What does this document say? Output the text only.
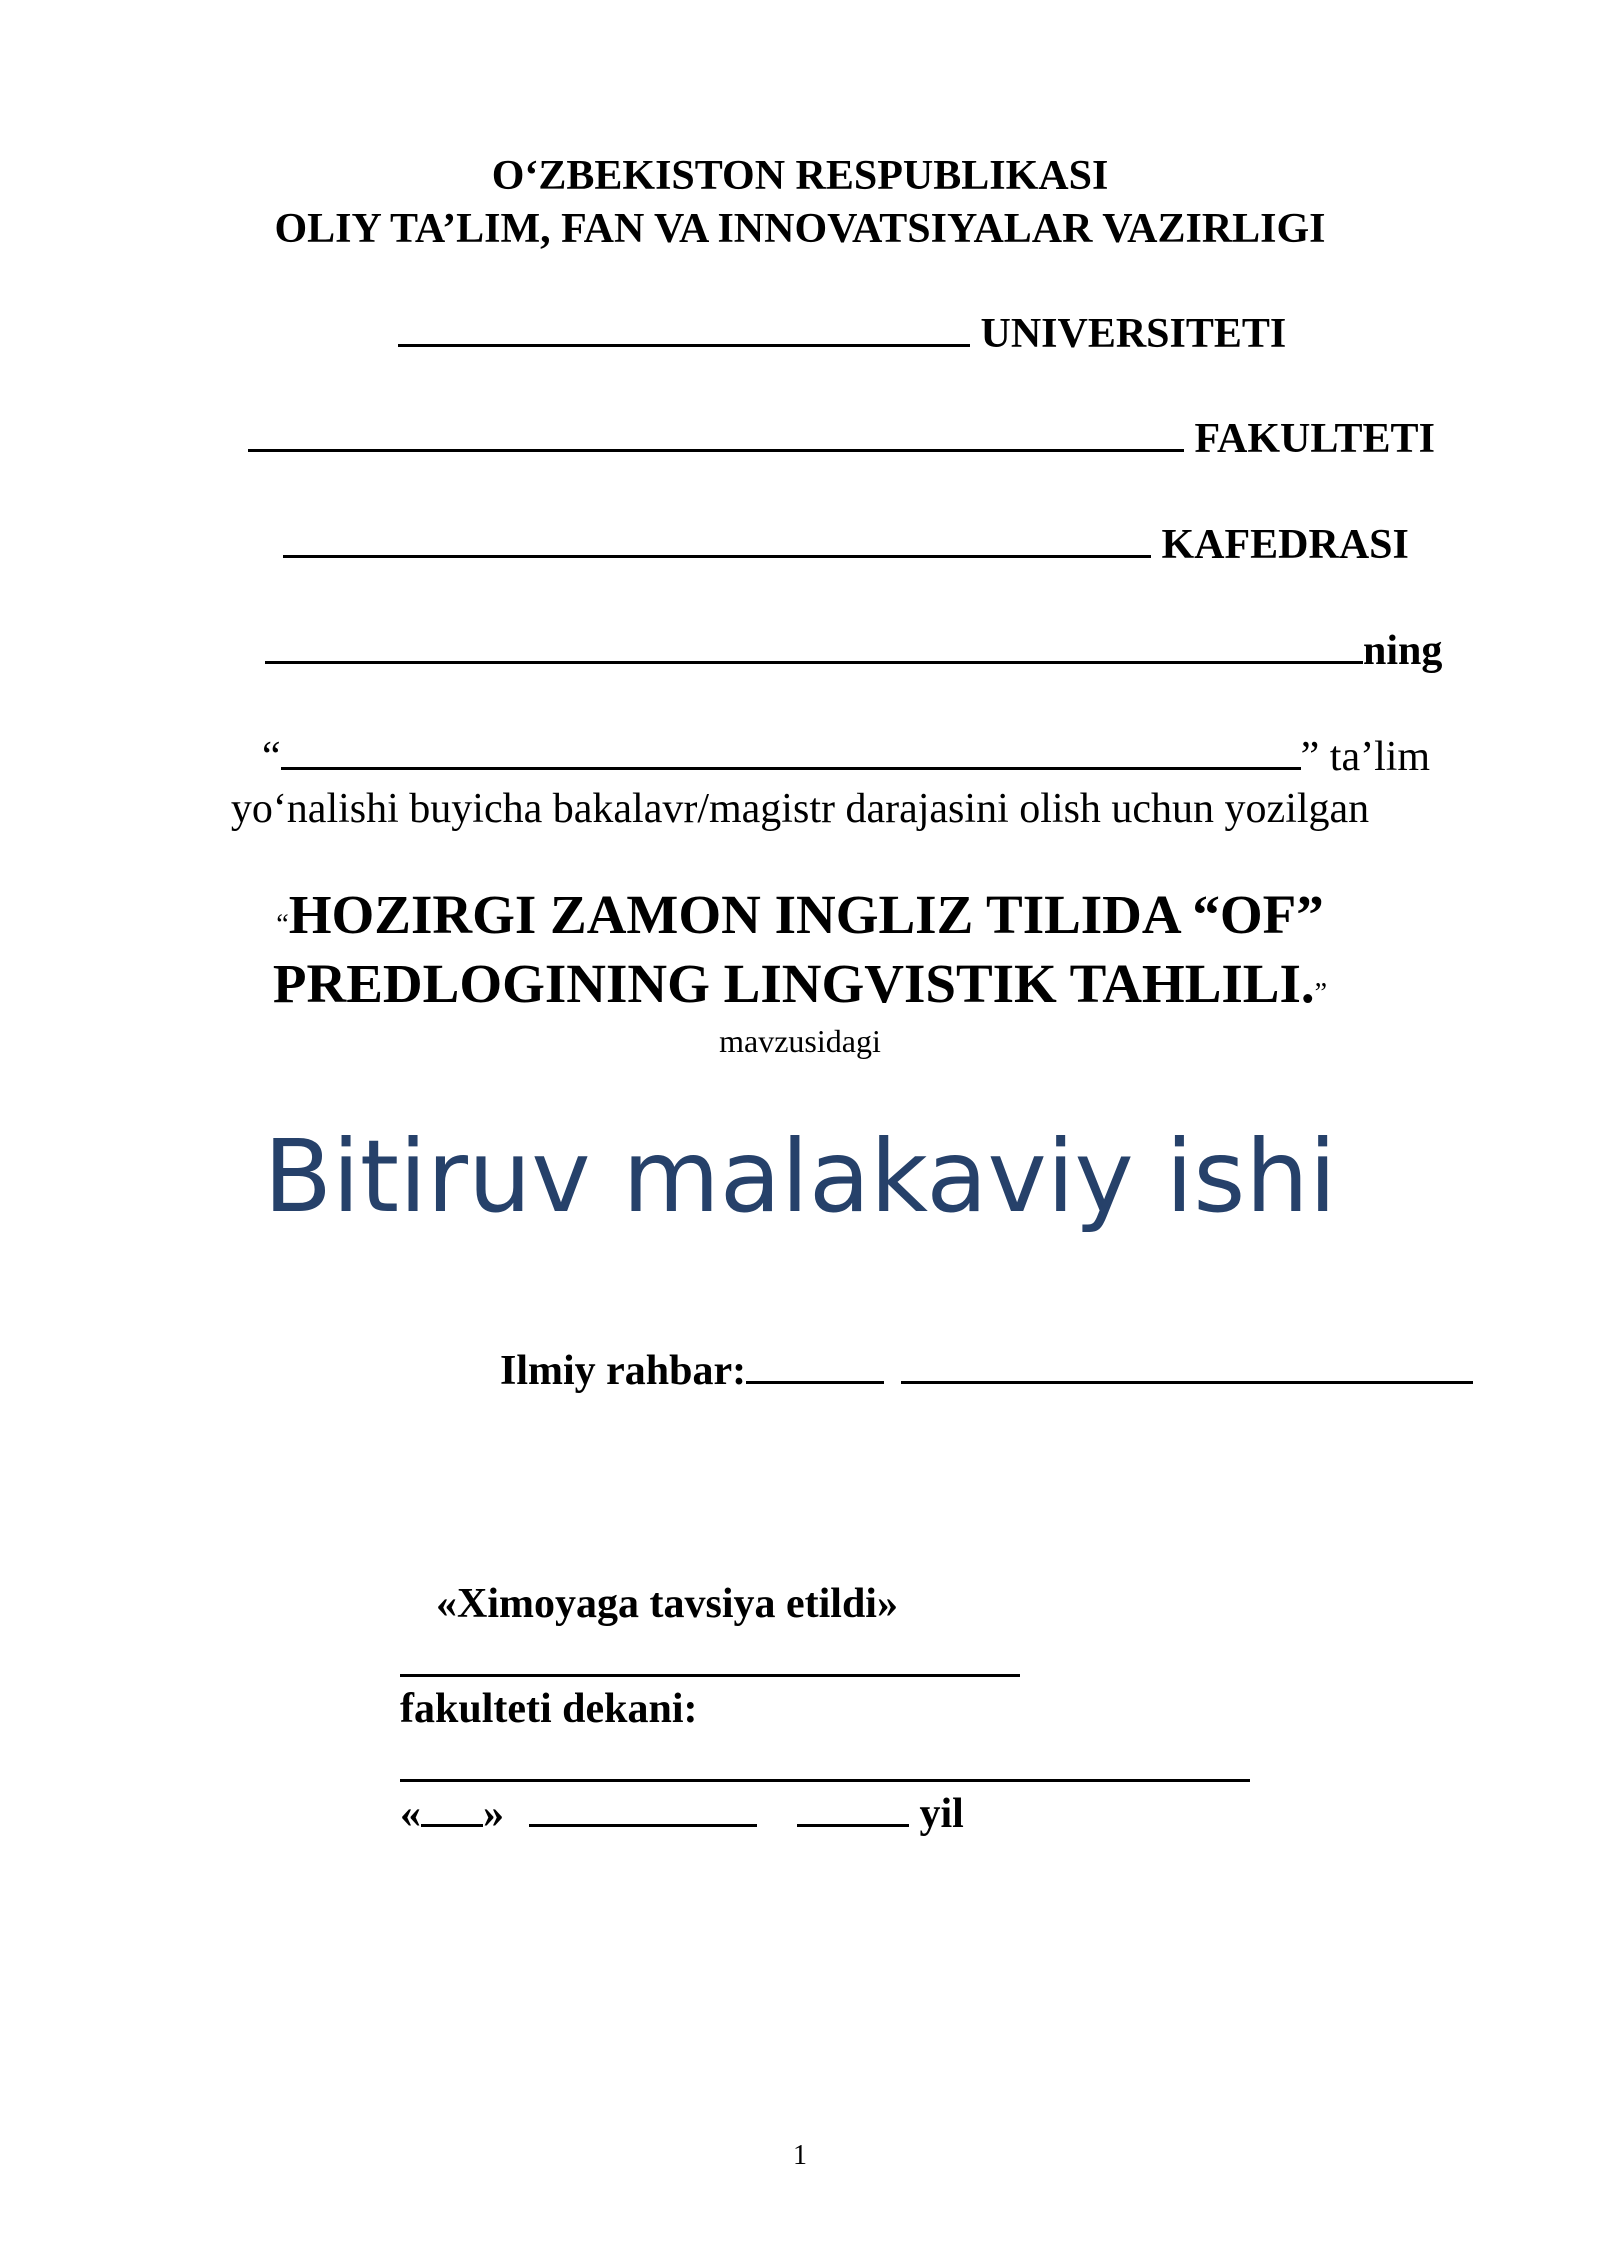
O‘ZBEKISTON RESPUBLIKASI
OLIY TA’LIM, FAN VA INNOVATSIYALAR VAZIRLIGI
UNIVERSITETI
FAKULTETI
KAFEDRASI
ning
“	” ta’lim
yo‘nalishi buyicha bakalavr/magistr darajasini olish uchun yozilgan
“HOZIRGI ZAMON INGLIZ TILIDA “OF”
PREDLOGINING LINGVISTIK TAHLILI.”
mavzusidagi
Bitiruv malakaviy ishi
Ilmiy rahbar:
«Ximoyaga tavsiya etildi»
fakulteti dekani:
« »	yil
1
